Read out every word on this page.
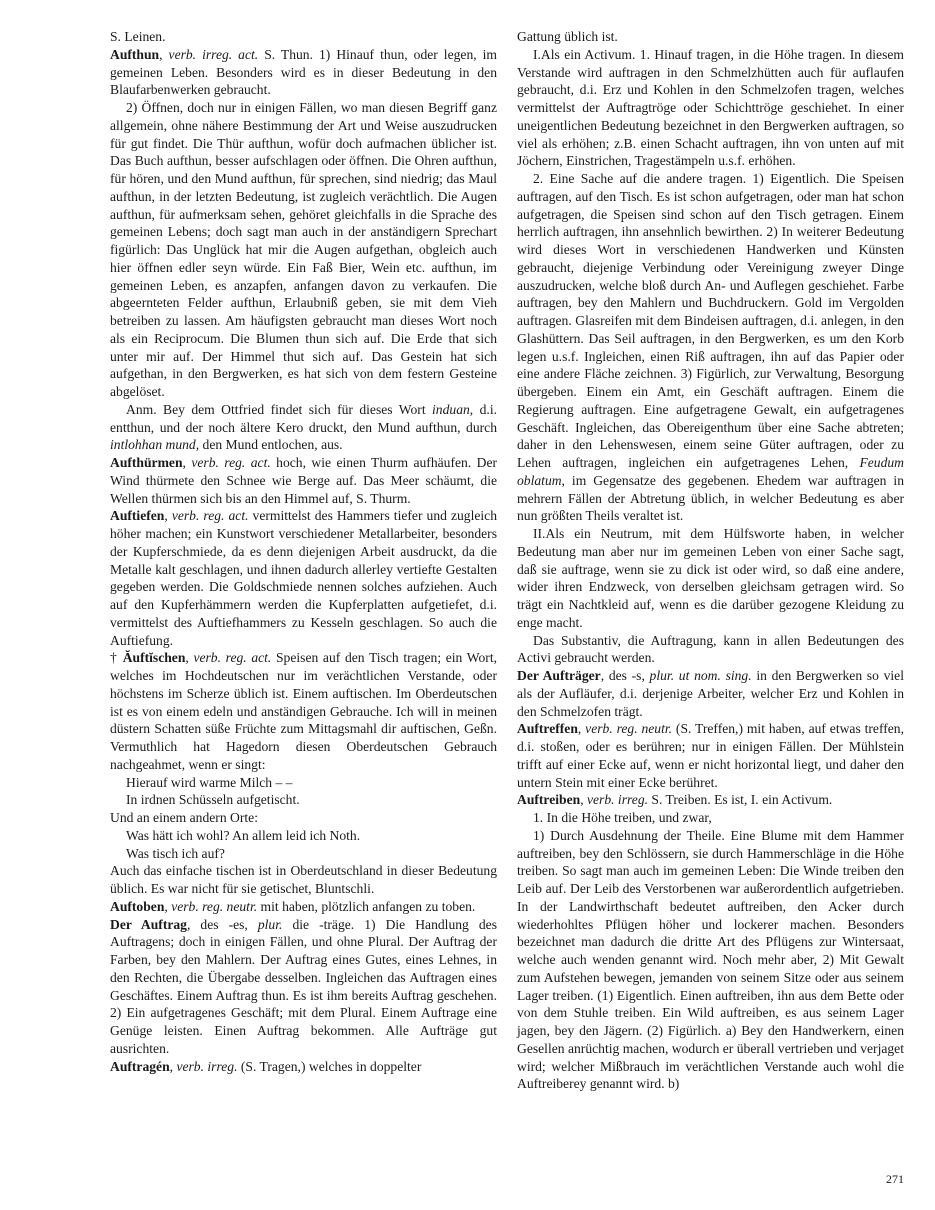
S. Leinen.

Aufthun, verb. irreg. act. S. Thun. 1) Hinauf thun, oder legen, im gemeinen Leben. Besonders wird es in dieser Bedeutung in den Blaufarbenwerken gebraucht.

2) Öffnen, doch nur in einigen Fällen, wo man diesen Begriff ganz allgemein, ohne nähere Bestimmung der Art und Weise auszudrucken für gut findet. Die Thür aufthun, wofür doch aufmachen üblicher ist. Das Buch aufthun, besser aufschlagen oder öffnen. Die Ohren aufthun, für hören, und den Mund aufthun, für sprechen, sind niedrig; das Maul aufthun, in der letzten Bedeutung, ist zugleich verächtlich. Die Augen aufthun, für aufmerksam sehen, gehöret gleichfalls in die Sprache des gemeinen Lebens; doch sagt man auch in der anständigern Sprechart figürlich: Das Unglück hat mir die Augen aufgethan, obgleich auch hier öffnen edler seyn würde. Ein Faß Bier, Wein etc. aufthun, im gemeinen Leben, es anzapfen, anfangen davon zu verkaufen. Die abgeernteten Felder aufthun, Erlaubniß geben, sie mit dem Vieh betreiben zu lassen. Am häufigsten gebraucht man dieses Wort noch als ein Reciprocum. Die Blumen thun sich auf. Die Erde that sich unter mir auf. Der Himmel thut sich auf. Das Gestein hat sich aufgethan, in den Bergwerken, es hat sich von dem festern Gesteine abgelöset.

Anm. Bey dem Ottfried findet sich für dieses Wort induan, d.i. entthun, und der noch ältere Kero druckt, den Mund aufthun, durch intlohhan mund, den Mund entlochen, aus.

Aufthürmen, verb. reg. act. hoch, wie einen Thurm aufhäufen. Der Wind thürmete den Schnee wie Berge auf. Das Meer schäumt, die Wellen thürmen sich bis an den Himmel auf, S. Thurm.

Auftiefen, verb. reg. act. vermittelst des Hammers tiefer und zugleich höher machen; ein Kunstwort verschiedener Metallarbeiter, besonders der Kupferschmiede, da es denn diejenigen Arbeit ausdruckt, da die Metalle kalt geschlagen, und ihnen dadurch allerley vertiefte Gestalten gegeben werden. Die Goldschmiede nennen solches aufziehen. Auch auf den Kupferhämmern werden die Kupferplatten aufgetiefet, d.i. vermittelst des Auftiefhammers zu Kesseln geschlagen. So auch die Auftiefung.

† Ăuftĭschen, verb. reg. act. Speisen auf den Tisch tragen; ein Wort, welches im Hochdeutschen nur im verächtlichen Verstande, oder höchstens im Scherze üblich ist. Einem auftischen. Im Oberdeutschen ist es von einem edeln und anständigen Gebrauche. Ich will in meinen düstern Schatten süße Früchte zum Mittagsmahl dir auftischen, Geßn. Vermuthlich hat Hagedorn diesen Oberdeutschen Gebrauch nachgeahmet, wenn er singt:

Hierauf wird warme Milch – –

In irdnen Schüsseln aufgetischt.

Und an einem andern Orte:

Was hätt ich wohl? An allem leid ich Noth.

Was tisch ich auf?

Auch das einfache tischen ist in Oberdeutschland in dieser Bedeutung üblich. Es war nicht für sie getischet, Bluntschli.

Auftoben, verb. reg. neutr. mit haben, plötzlich anfangen zu toben.

Der Auftrag, des -es, plur. die -träge. 1) Die Handlung des Auftragens; doch in einigen Fällen, und ohne Plural. Der Auftrag der Farben, bey den Mahlern. Der Auftrag eines Gutes, eines Lehnes, in den Rechten, die Übergabe desselben. Ingleichen das Auftragen eines Geschäftes. Einem Auftrag thun. Es ist ihm bereits Auftrag geschehen. 2) Ein aufgetragenes Geschäft; mit dem Plural. Einem Auftrage eine Genüge leisten. Einen Auftrag bekommen. Alle Aufträge gut ausrichten.

Auftragén, verb. irreg. (S. Tragen,) welches in doppelter

Gattung üblich ist.

I.Als ein Activum. 1. Hinauf tragen, in die Höhe tragen. In diesem Verstande wird auftragen in den Schmelzhütten auch für auflaufen gebraucht, d.i. Erz und Kohlen in den Schmelzofen tragen, welches vermittelst der Auftragtröge oder Schichttröge geschiehet. In einer uneigentlichen Bedeutung bezeichnet in den Bergwerken auftragen, so viel als erhöhen; z.B. einen Schacht auftragen, ihn von unten auf mit Jöchern, Einstrichen, Tragestämpeln u.s.f. erhöhen.

2. Eine Sache auf die andere tragen. 1) Eigentlich. Die Speisen auftragen, auf den Tisch. Es ist schon aufgetragen, oder man hat schon aufgetragen, die Speisen sind schon auf den Tisch getragen. Einem herrlich auftragen, ihn ansehnlich bewirthen. 2) In weiterer Bedeutung wird dieses Wort in verschiedenen Handwerken und Künsten gebraucht, diejenige Verbindung oder Vereinigung zweyer Dinge auszudrucken, welche bloß durch An- und Auflegen geschiehet. Farbe auftragen, bey den Mahlern und Buchdruckern. Gold im Vergolden auftragen. Glasreifen mit dem Bindeisen auftragen, d.i. anlegen, in den Glashüttern. Das Seil auftragen, in den Bergwerken, es um den Korb legen u.s.f. Ingleichen, einen Riß auftragen, ihn auf das Papier oder eine andere Fläche zeichnen. 3) Figürlich, zur Verwaltung, Besorgung übergeben. Einem ein Amt, ein Geschäft auftragen. Einem die Regierung auftragen. Eine aufgetragene Gewalt, ein aufgetragenes Geschäft. Ingleichen, das Obereigenthum über eine Sache abtreten; daher in den Lehenswesen, einem seine Güter auftragen, oder zu Lehen auftragen, ingleichen ein aufgetragenes Lehen, Feudum oblatum, im Gegensatze des gegebenen. Ehedem war auftragen in mehrern Fällen der Abtretung üblich, in welcher Bedeutung es aber nun größten Theils veraltet ist.

II.Als ein Neutrum, mit dem Hülfsworte haben, in welcher Bedeutung man aber nur im gemeinen Leben von einer Sache sagt, daß sie auftrage, wenn sie zu dick ist oder wird, so daß eine andere, wider ihren Endzweck, von derselben gleichsam getragen wird. So trägt ein Nachtkleid auf, wenn es die darüber gezogene Kleidung zu enge macht.

Das Substantiv, die Auftragung, kann in allen Bedeutungen des Activi gebraucht werden.

Der Aufträger, des -s, plur. ut nom. sing. in den Bergwerken so viel als der Aufläufer, d.i. derjenige Arbeiter, welcher Erz und Kohlen in den Schmelzofen trägt.

Auftreffen, verb. reg. neutr. (S. Treffen,) mit haben, auf etwas treffen, d.i. stoßen, oder es berühren; nur in einigen Fällen. Der Mühlstein trifft auf einer Ecke auf, wenn er nicht horizontal liegt, und daher den untern Stein mit einer Ecke berühret.

Auftreiben, verb. irreg. S. Treiben. Es ist, I. ein Activum.

1. In die Höhe treiben, und zwar,

1) Durch Ausdehnung der Theile. Eine Blume mit dem Hammer auftreiben, bey den Schlössern, sie durch Hammerschläge in die Höhe treiben. So sagt man auch im gemeinen Leben: Die Winde treiben den Leib auf. Der Leib des Verstorbenen war außerordentlich aufgetrieben. In der Landwirthschaft bedeutet auftreiben, den Acker durch wiederhohltes Pflügen höher und lockerer machen. Besonders bezeichnet man dadurch die dritte Art des Pflügens zur Wintersaat, welche auch wenden genannt wird. Noch mehr aber, 2) Mit Gewalt zum Aufstehen bewegen, jemanden von seinem Sitze oder aus seinem Lager treiben. (1) Eigentlich. Einen auftreiben, ihn aus dem Bette oder von dem Stuhle treiben. Ein Wild auftreiben, es aus seinem Lager jagen, bey den Jägern. (2) Figürlich. a) Bey den Handwerkern, einen Gesellen anrüchtig machen, wodurch er überall vertrieben und verjaget wird; welcher Mißbrauch im verächtlichen Verstande auch wohl die Auftreiberey genannt wird. b)

271
